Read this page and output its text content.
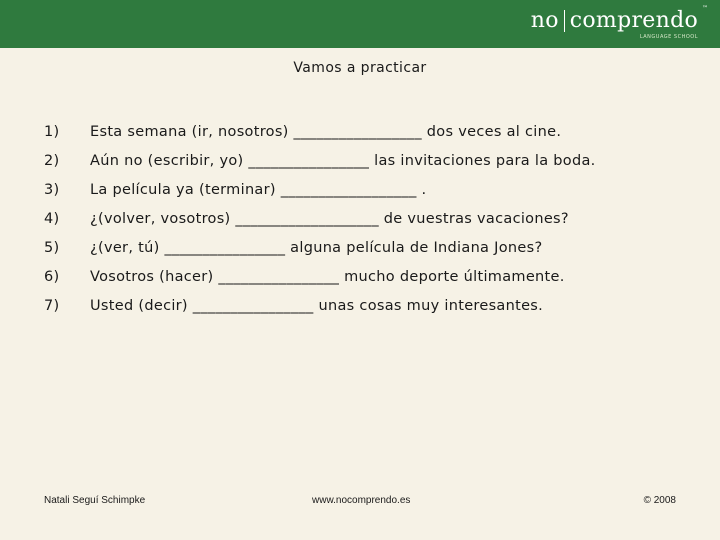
no comprendo ™
LANGUAGE SCHOOL
Vamos a practicar
1)	Esta semana (ir, nosotros) _________________ dos veces al cine.
2)	Aún no (escribir, yo) ________________ las invitaciones para la boda.
3)	La película ya (terminar) __________________ .
4)	¿(volver, vosotros) ___________________ de vuestras vacaciones?
5)	¿(ver, tú) ________________ alguna película de Indiana Jones?
6)	Vosotros (hacer) ________________ mucho deporte últimamente.
7)	Usted (decir) ________________ unas cosas muy interesantes.
Natali Seguí Schimpke	www.nocomprendo.es	© 2008
